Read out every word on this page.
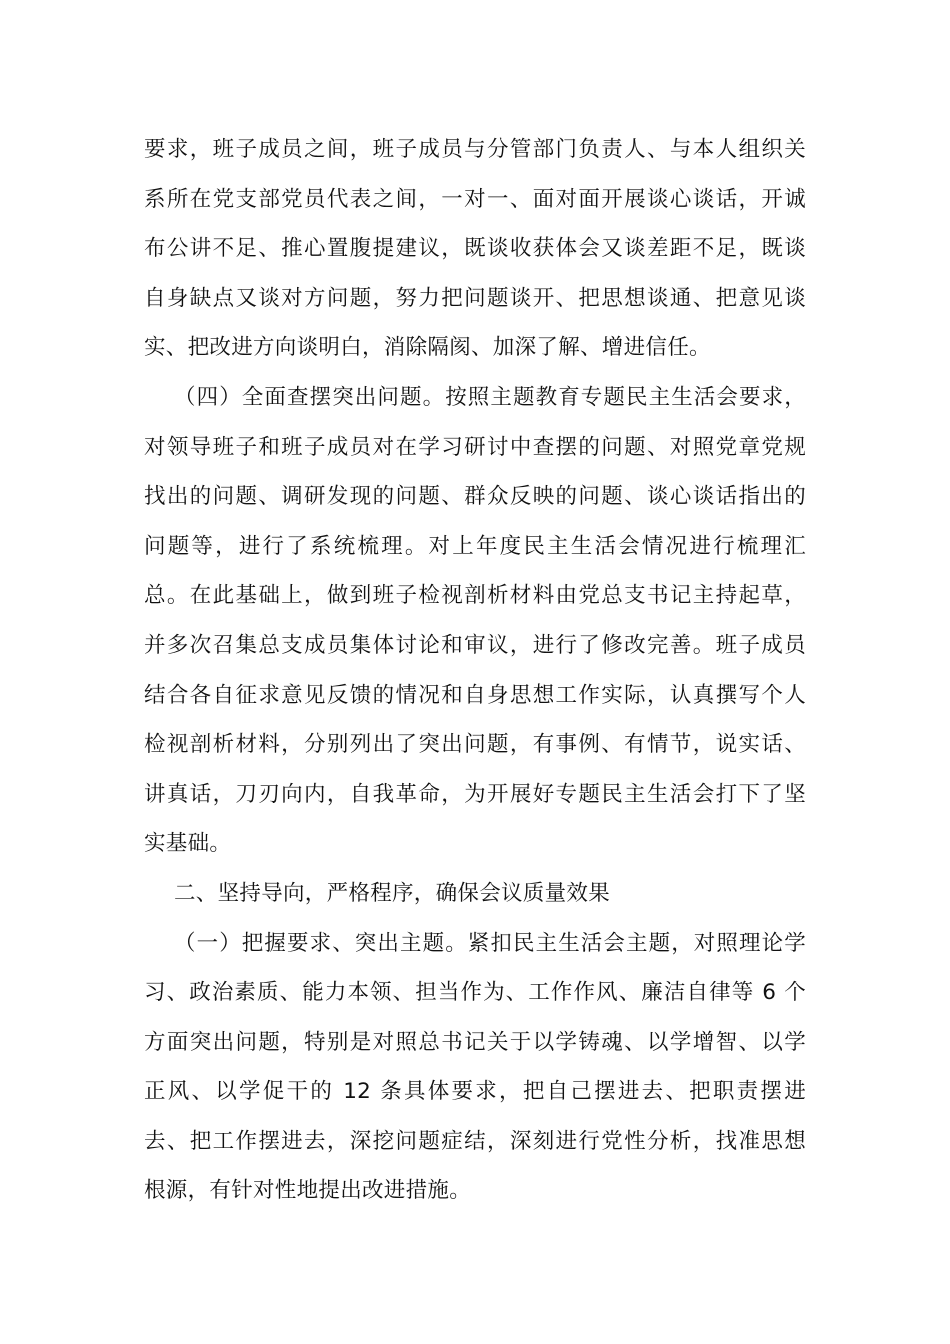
要求，班子成员之间，班子成员与分管部门负责人、与本人组织关
系所在党支部党员代表之间，一对一、面对面开展谈心谈话，开诚
布公讲不足、推心置腹提建议，既谈收获体会又谈差距不足，既谈
自身缺点又谈对方问题，努力把问题谈开、把思想谈通、把意见谈
实、把改进方向谈明白，消除隔阂、加深了解、增进信任。
（四）全面查摆突出问题。按照主题教育专题民主生活会要求，
对领导班子和班子成员对在学习研讨中查摆的问题、对照党章党规
找出的问题、调研发现的问题、群众反映的问题、谈心谈话指出的
问题等，进行了系统梳理。对上年度民主生活会情况进行梳理汇
总。在此基础上，做到班子检视剖析材料由党总支书记主持起草，
并多次召集总支成员集体讨论和审议，进行了修改完善。班子成员
结合各自征求意见反馈的情况和自身思想工作实际，认真撰写个人
检视剖析材料，分别列出了突出问题，有事例、有情节，说实话、
讲真话，刀刃向内，自我革命，为开展好专题民主生活会打下了坚
实基础。
二、坚持导向，严格程序，确保会议质量效果
（一）把握要求、突出主题。紧扣民主生活会主题，对照理论学
习、政治素质、能力本领、担当作为、工作作风、廉洁自律等 6 个
方面突出问题，特别是对照总书记关于以学铸魂、以学增智、以学
正风、以学促干的 12 条具体要求，把自己摆进去、把职责摆进
去、把工作摆进去，深挖问题症结，深刻进行党性分析，找准思想
根源，有针对性地提出改进措施。
